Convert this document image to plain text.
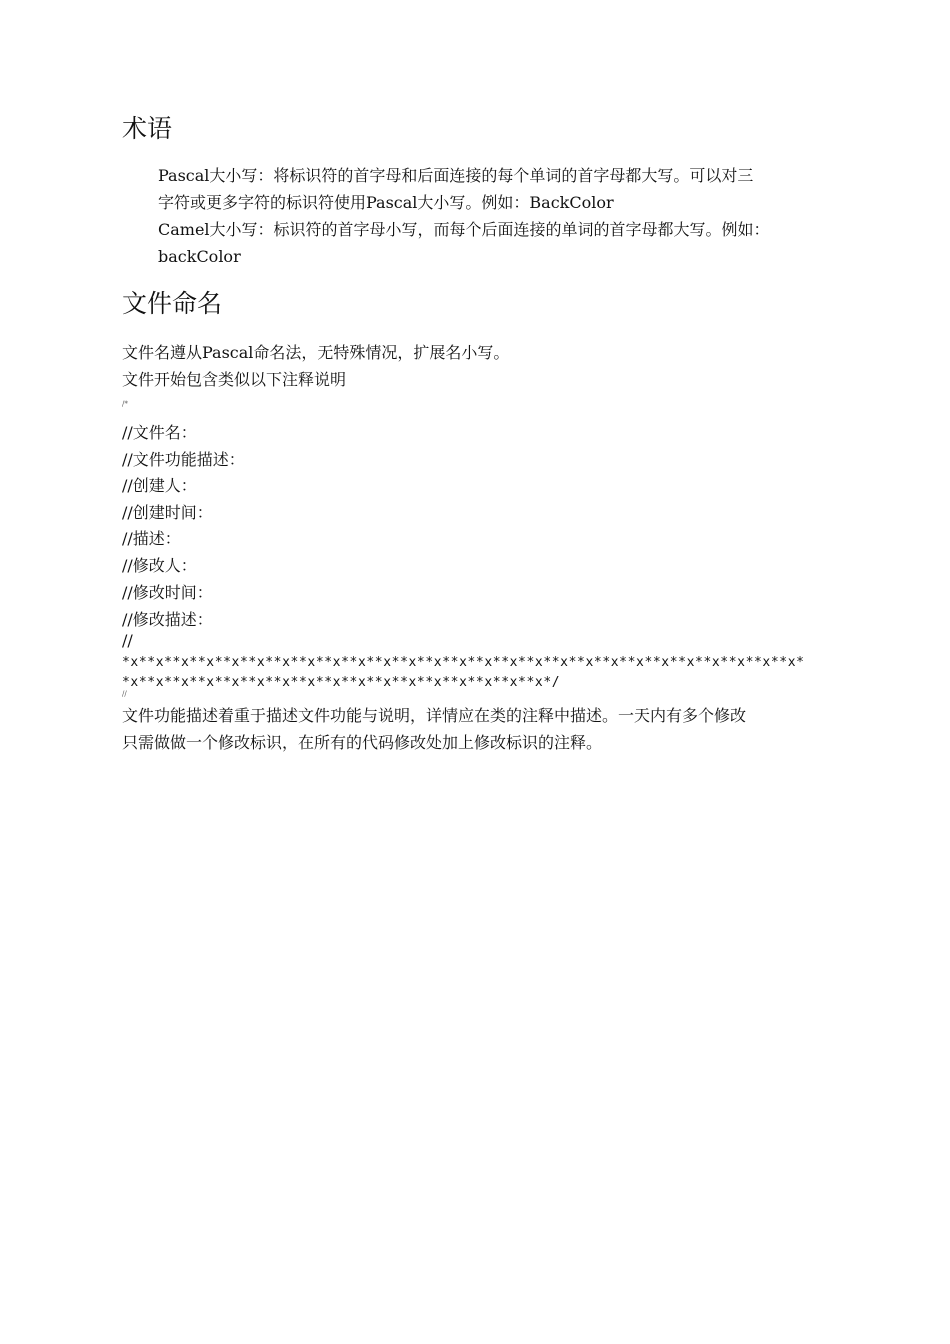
术语
Pascal大小写：将标识符的首字母和后面连接的每个单词的首字母都大写。可以对三
字符或更多字符的标识符使用Pascal大小写。例如：BackColor
Camel大小写：标识符的首字母小写，而每个后面连接的单词的首字母都大写。例如：
backColor
文件命名
文件名遵从Pascal命名法，无特殊情况，扩展名小写。
文件开始包含类似以下注释说明
/*
//文件名：
//文件功能描述：
//创建人：
//创建时间：
//描述：
//修改人：
//修改时间：
//修改描述：
//
*x**x**x**x**x**x**x**x**x**x**x**x**x**x**x**x**x**x**x**x**x**x**x**x**x**x**x*
*x**x**x**x**x**x**x**x**x**x**x**x**x**x**x**x**x*/
//
文件功能描述着重于描述文件功能与说明，详情应在类的注释中描述。一天内有多个修改
只需做做一个修改标识，在所有的代码修改处加上修改标识的注释。
